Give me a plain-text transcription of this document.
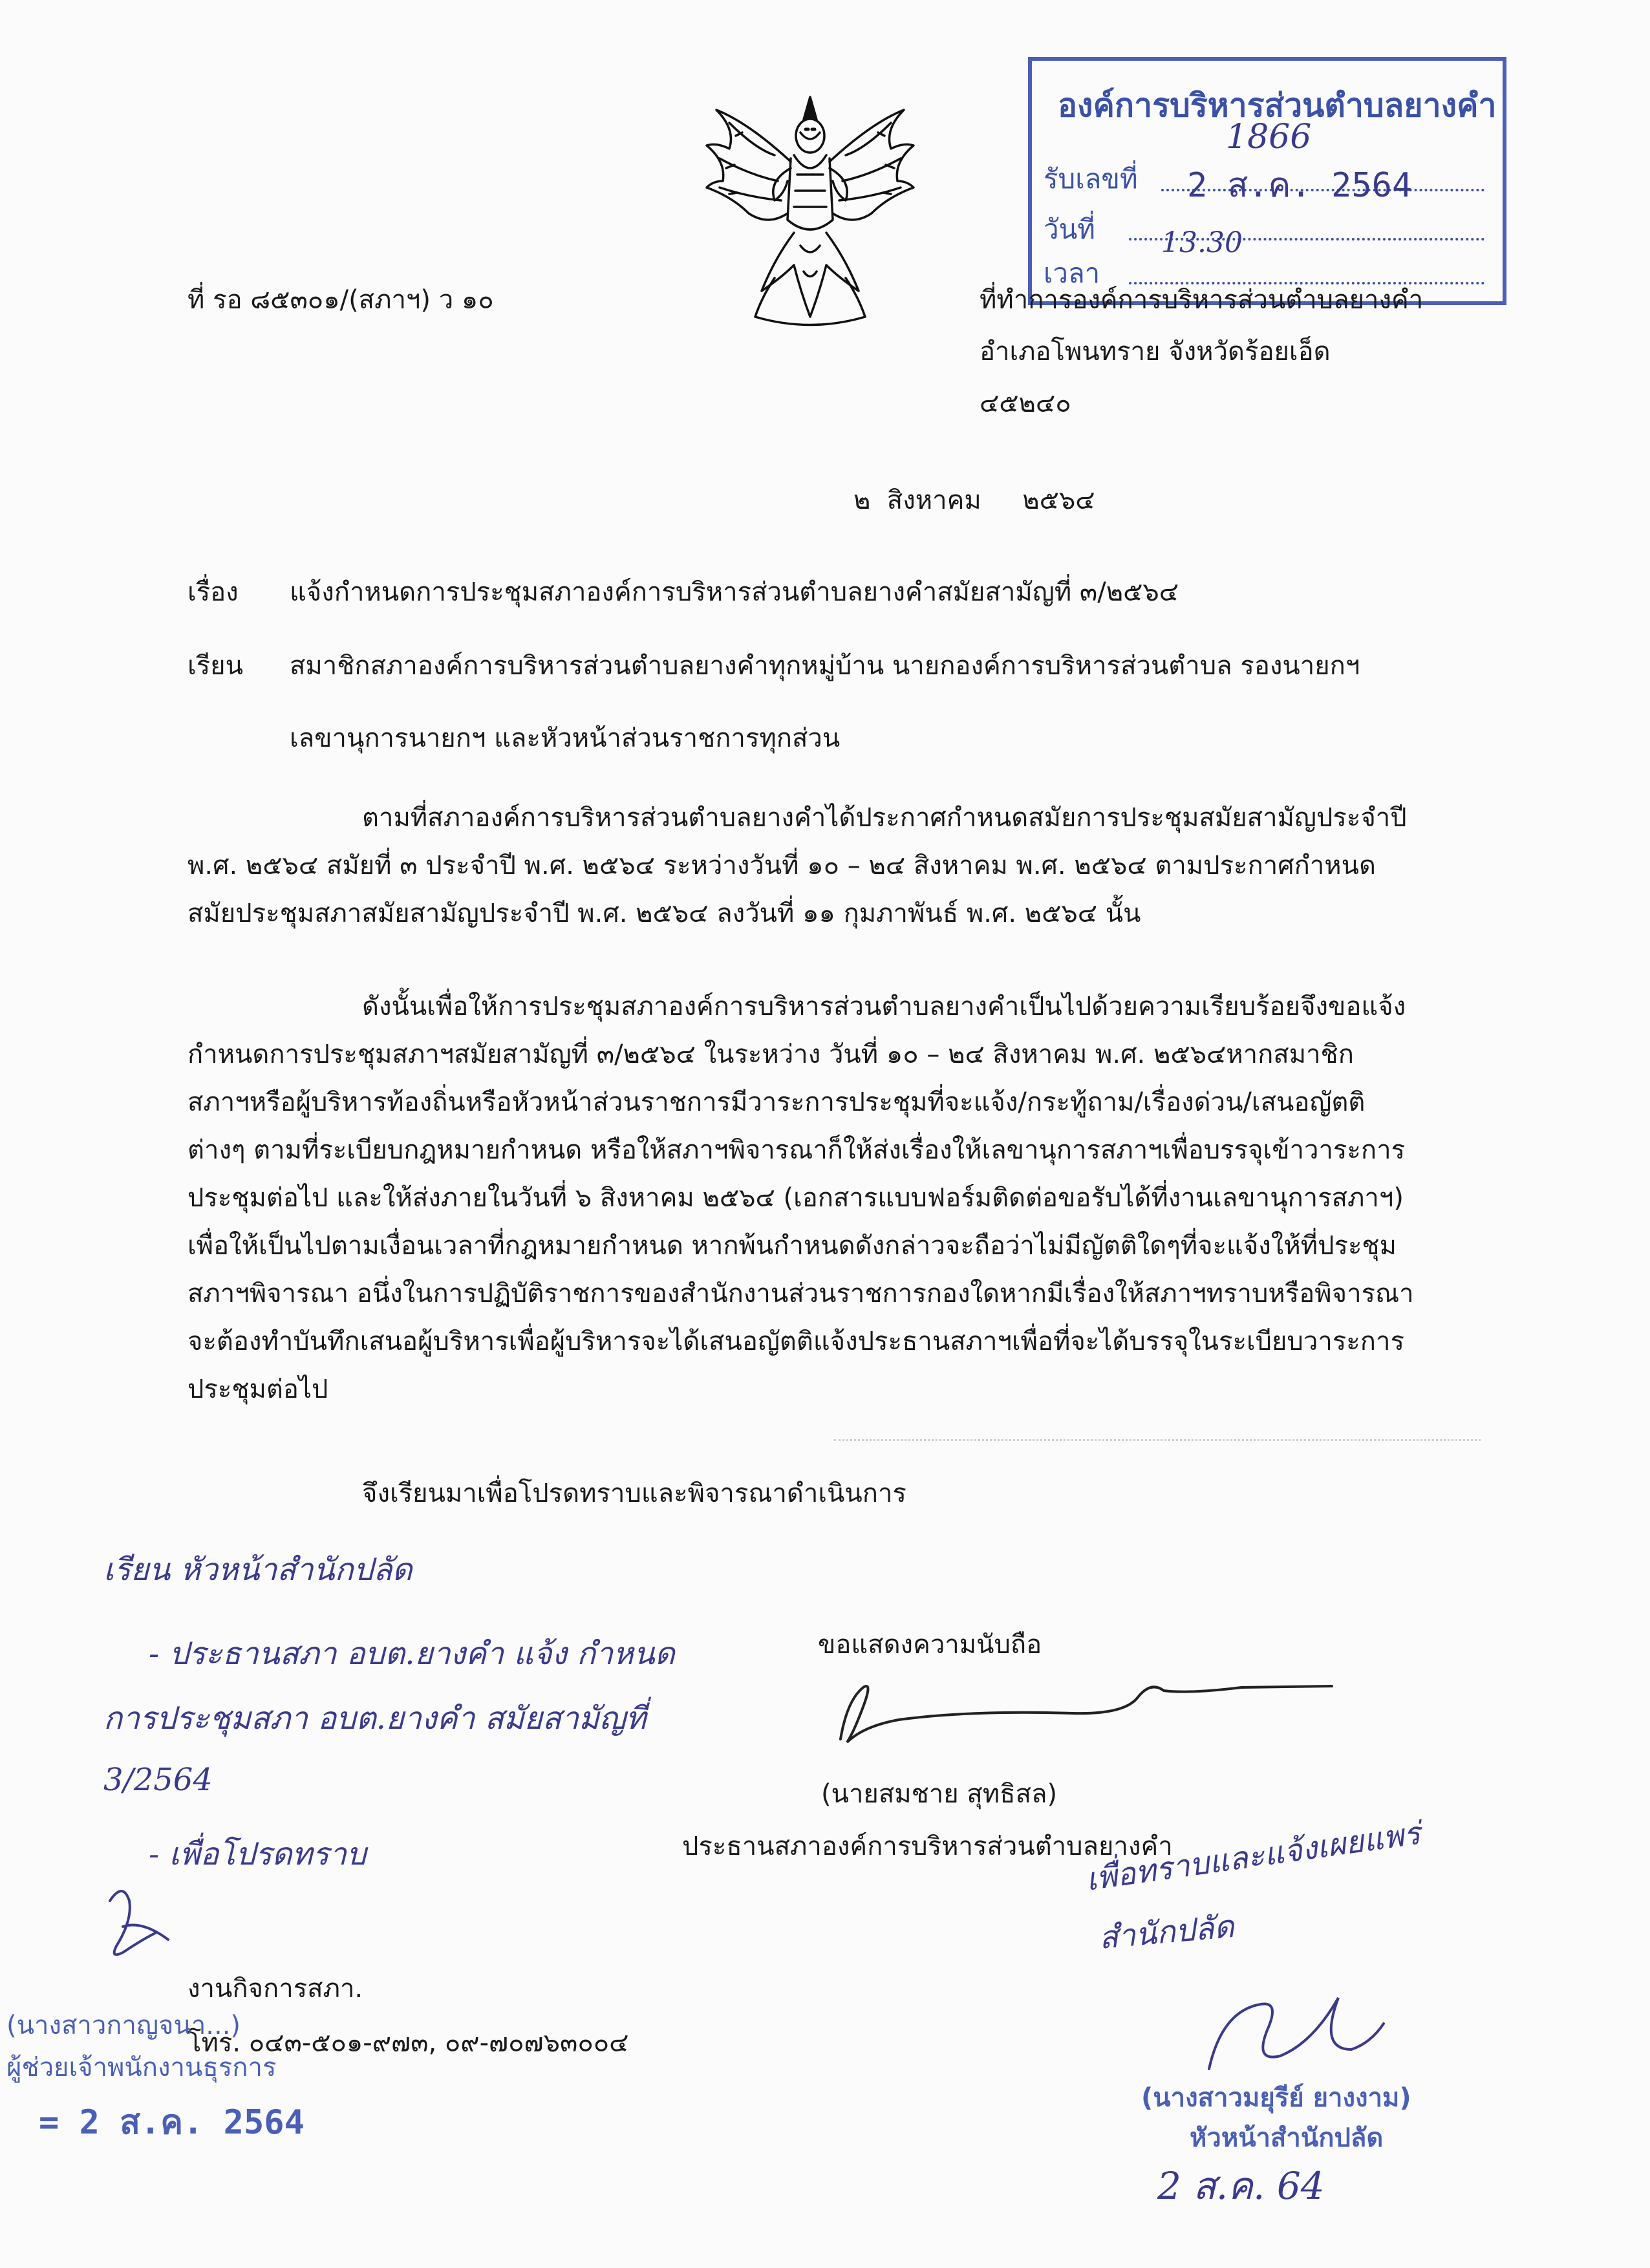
องค์การบริหารส่วนตำบลยางคำ
รับเลขที่
1866
2 ส.ค. 2564
วันที่ 13.30
เวลา
ที่ รอ ๘๕๓๐๑/(สภาฯ) ว ๑๐	ที่ทำการองค์การบริหารส่วนตำบลยางคำ
อำเภอโพนทราย จังหวัดร้อยเอ็ด
๔๕๒๔๐
๒  สิงหาคม     ๒๕๖๔
เรื่อง แจ้งกำหนดการประชุมสภาองค์การบริหารส่วนตำบลยางคำสมัยสามัญที่ ๓/๒๕๖๔
เรียน สมาชิกสภาองค์การบริหารส่วนตำบลยางคำทุกหมู่บ้าน นายกองค์การบริหารส่วนตำบล รองนายกฯ
เลขานุการนายกฯ และหัวหน้าส่วนราชการทุกส่วน
ตามที่สภาองค์การบริหารส่วนตำบลยางคำได้ประกาศกำหนดสมัยการประชุมสมัยสามัญประจำปี
พ.ศ. ๒๕๖๔ สมัยที่ ๓ ประจำปี พ.ศ. ๒๕๖๔ ระหว่างวันที่ ๑๐ – ๒๔ สิงหาคม พ.ศ. ๒๕๖๔ ตามประกาศกำหนด
สมัยประชุมสภาสมัยสามัญประจำปี พ.ศ. ๒๕๖๔ ลงวันที่ ๑๑ กุมภาพันธ์ พ.ศ. ๒๕๖๔ นั้น
ดังนั้นเพื่อให้การประชุมสภาองค์การบริหารส่วนตำบลยางคำเป็นไปด้วยความเรียบร้อยจึงขอแจ้ง
กำหนดการประชุมสภาฯสมัยสามัญที่ ๓/๒๕๖๔ ในระหว่าง วันที่ ๑๐ – ๒๔ สิงหาคม พ.ศ. ๒๕๖๔หากสมาชิก
สภาฯหรือผู้บริหารท้องถิ่นหรือหัวหน้าส่วนราชการมีวาระการประชุมที่จะแจ้ง/กระทู้ถาม/เรื่องด่วน/เสนอญัตติ
ต่างๆ ตามที่ระเบียบกฎหมายกำหนด หรือให้สภาฯพิจารณาก็ให้ส่งเรื่องให้เลขานุการสภาฯเพื่อบรรจุเข้าวาระการ
ประชุมต่อไป และให้ส่งภายในวันที่ ๖ สิงหาคม ๒๕๖๔ (เอกสารแบบฟอร์มติดต่อขอรับได้ที่งานเลขานุการสภาฯ)
เพื่อให้เป็นไปตามเงื่อนเวลาที่กฎหมายกำหนด หากพ้นกำหนดดังกล่าวจะถือว่าไม่มีญัตติใดๆที่จะแจ้งให้ที่ประชุม
สภาฯพิจารณา อนึ่งในการปฏิบัติราชการของสำนักงานส่วนราชการกองใดหากมีเรื่องให้สภาฯทราบหรือพิจารณา
จะต้องทำบันทึกเสนอผู้บริหารเพื่อผู้บริหารจะได้เสนอญัตติแจ้งประธานสภาฯเพื่อที่จะได้บรรจุในระเบียบวาระการ
ประชุมต่อไป
จึงเรียนมาเพื่อโปรดทราบและพิจารณาดำเนินการ
เรียน หัวหน้าสำนักปลัด
- ประธานสภา อบต.ยางคำ แจ้ง กำหนด
การประชุมสภา อบต.ยางคำ สมัยสามัญที่
3/2564
- เพื่อโปรดทราบ
ขอแสดงความนับถือ
(นายสมชาย สุทธิสล)
ประธานสภาองค์การบริหารส่วนตำบลยางคำ
เพื่อทราบและแจ้งเผยแพร่
สำนักปลัด
งานกิจการสภา.
โทร. ๐๔๓-๕๐๑-๙๗๓, ๐๙-๗๐๗๖๓๐๐๔
(นางสาวกาญจนา...)
ผู้ช่วยเจ้าพนักงานธุรการ
= 2 ส.ค. 2564
(นางสาวมยุรีย์ ยางงาม)
หัวหน้าสำนักปลัด
2 ส.ค. 64
